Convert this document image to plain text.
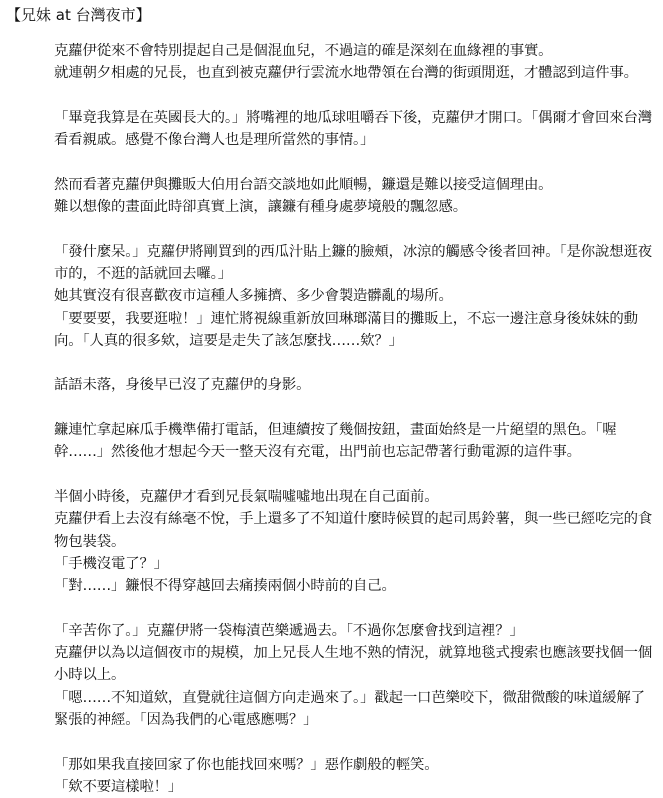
【兄妹 at 台灣夜市】

克蘿伊從來不會特別提起自己是個混血兒，不過這的確是深刻在血緣裡的事實。

就連朝夕相處的兄長，也直到被克蘿伊行雲流水地帶領在台灣的街頭閒逛，才體認到這件事。

「畢竟我算是在英國長大的。」將嘴裡的地瓜球咀嚼吞下後，克蘿伊才開口。「偶爾才會回來台灣看看親戚。感覺不像台灣人也是理所當然的事情。」

然而看著克蘿伊與攤販大伯用台語交談地如此順暢，鐮還是難以接受這個理由。

難以想像的畫面此時卻真實上演，讓鐮有種身處夢境般的飄忽感。

「發什麼呆。」克蘿伊將剛買到的西瓜汁貼上鐮的臉頰，冰涼的觸感令後者回神。「是你說想逛夜市的，不逛的話就回去囉。」

她其實沒有很喜歡夜市這種人多擁擠、多少會製造髒亂的場所。

「要要要，我要逛啦！」連忙將視線重新放回琳瑯滿目的攤販上，不忘一邊注意身後妹妹的動向。「人真的很多欸，這要是走失了該怎麼找……欸？」

話語未落，身後早已沒了克蘿伊的身影。

鐮連忙拿起麻瓜手機準備打電話，但連續按了幾個按鈕，畫面始終是一片絕望的黑色。「喔幹……」然後他才想起今天一整天沒有充電，出門前也忘記帶著行動電源的這件事。

半個小時後，克蘿伊才看到兄長氣喘噓噓地出現在自己面前。

克蘿伊看上去沒有絲毫不悅，手上還多了不知道什麼時候買的起司馬鈴薯，與一些已經吃完的食物包裝袋。

「手機沒電了？」

「對……」鐮恨不得穿越回去痛揍兩個小時前的自己。

「辛苦你了。」克蘿伊將一袋梅漬芭樂遞過去。「不過你怎麼會找到這裡？」

克蘿伊以為以這個夜市的規模，加上兄長人生地不熟的情況，就算地毯式搜索也應該要找個一個小時以上。

「嗯……不知道欸，直覺就往這個方向走過來了。」戳起一口芭樂咬下，微甜微酸的味道緩解了緊張的神經。「因為我們的心電感應嗎？」

「那如果我直接回家了你也能找回來嗎？」惡作劇般的輕笑。

「欸不要這樣啦！」
